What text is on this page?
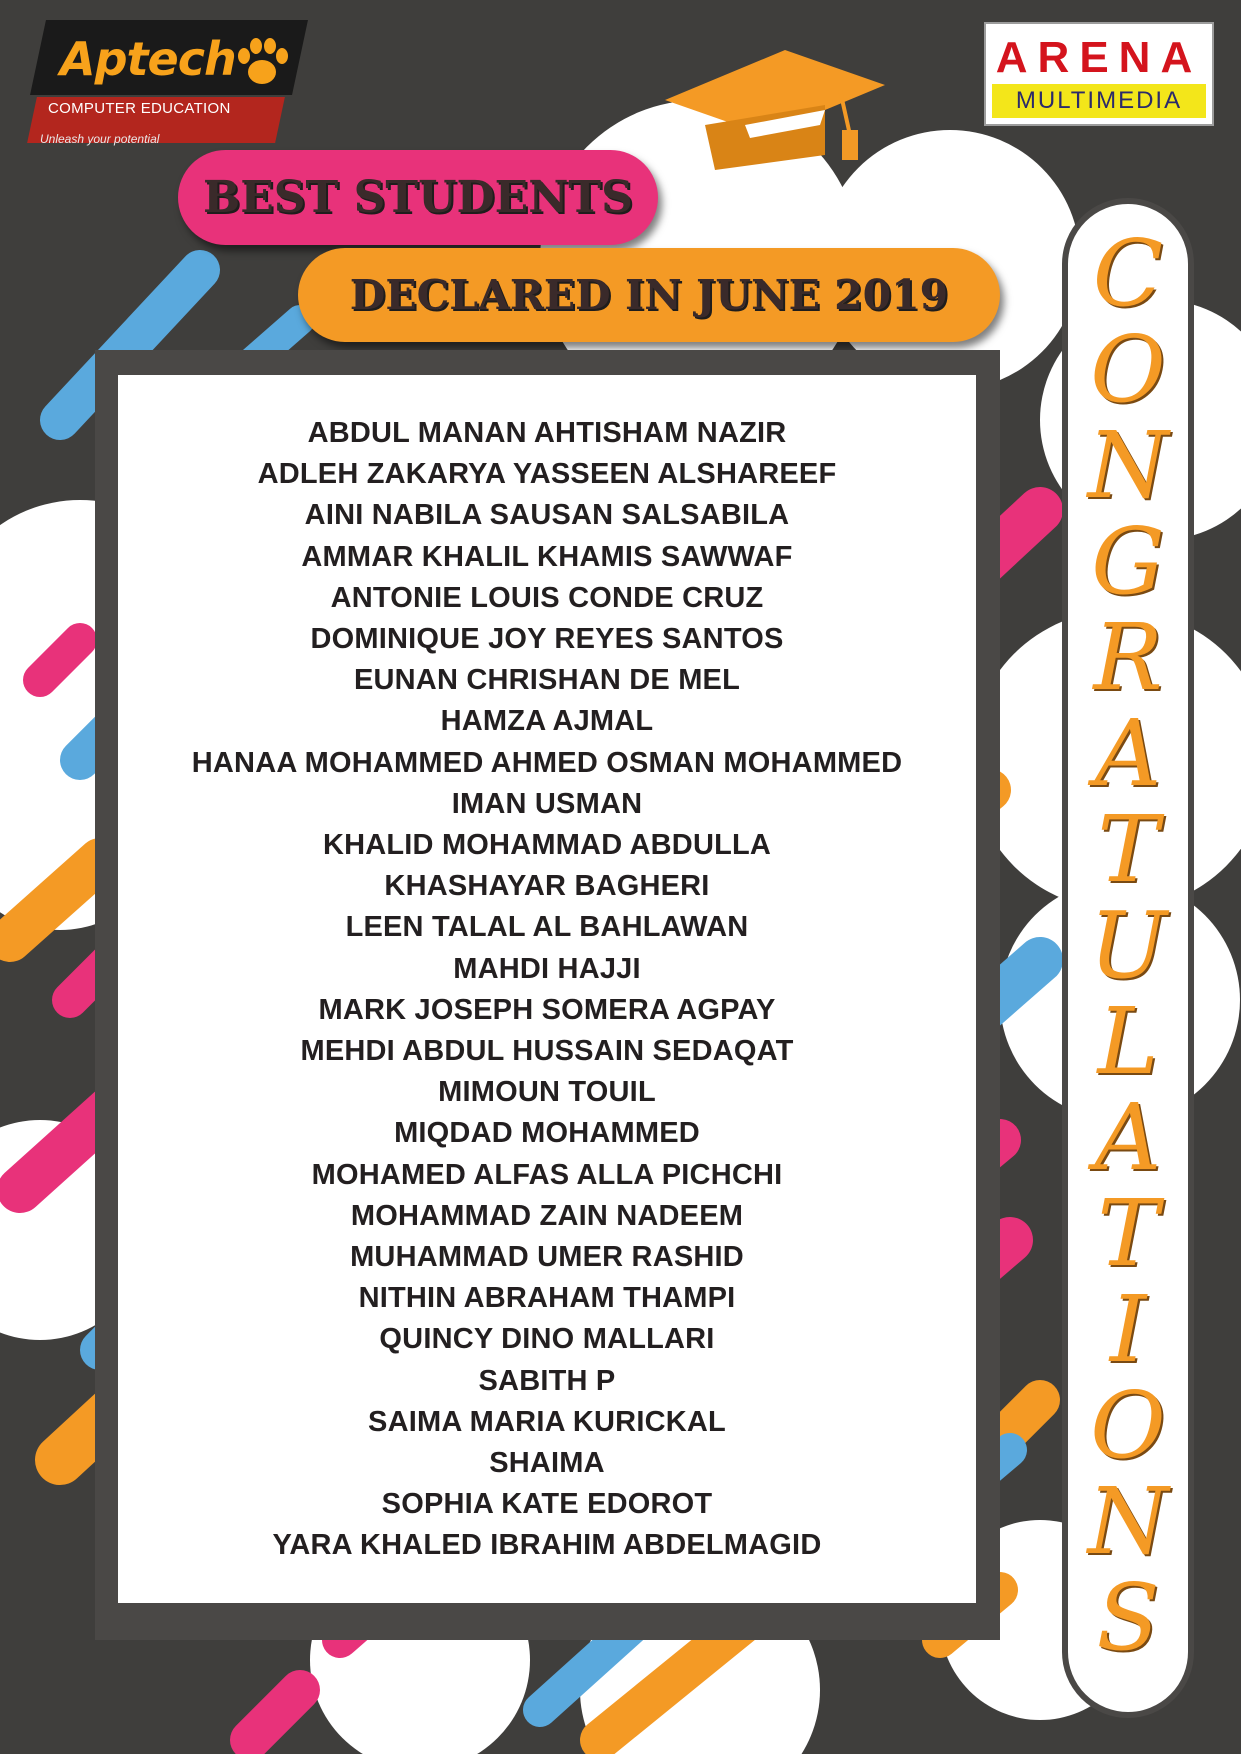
Aptech
COMPUTER EDUCATION
Unleash your potential
ARENA
MULTIMEDIA
BEST STUDENTS
DECLARED IN JUNE 2019
ABDUL MANAN AHTISHAM NAZIR
ADLEH ZAKARYA YASSEEN ALSHAREEF
AINI NABILA SAUSAN SALSABILA
AMMAR KHALIL KHAMIS SAWWAF
ANTONIE LOUIS CONDE CRUZ
DOMINIQUE JOY REYES SANTOS
EUNAN CHRISHAN DE MEL
HAMZA AJMAL
HANAA MOHAMMED AHMED OSMAN MOHAMMED
IMAN USMAN
KHALID MOHAMMAD ABDULLA
KHASHAYAR BAGHERI
LEEN TALAL AL BAHLAWAN
MAHDI HAJJI
MARK JOSEPH SOMERA AGPAY
MEHDI ABDUL HUSSAIN SEDAQAT
MIMOUN TOUIL
MIQDAD MOHAMMED
MOHAMED ALFAS ALLA PICHCHI
MOHAMMAD ZAIN NADEEM
MUHAMMAD UMER RASHID
NITHIN ABRAHAM THAMPI
QUINCY DINO MALLARI
SABITH P
SAIMA MARIA KURICKAL
SHAIMA
SOPHIA KATE EDOROT
YARA KHALED IBRAHIM ABDELMAGID
C
O
N
G
R
A
T
U
L
A
T
I
O
N
S
